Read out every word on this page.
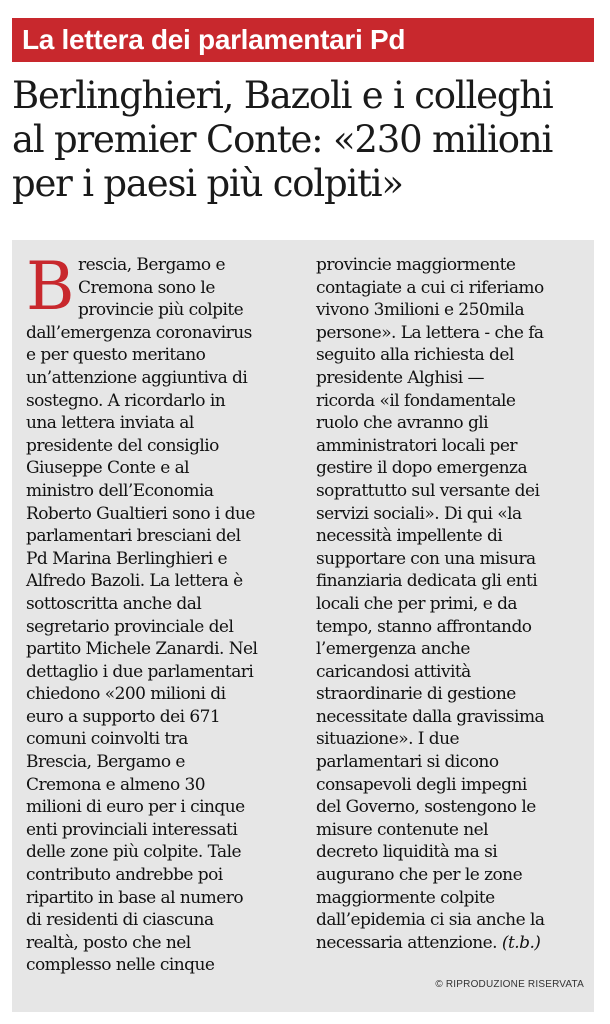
La lettera dei parlamentari Pd
Berlinghieri, Bazoli e i colleghi
al premier Conte: «230 milioni
per i paesi più colpiti»
B rescia, Bergamo e
Cremona sono le
provincie più colpite
dall’emergenza coronavirus
e per questo meritano
un’attenzione aggiuntiva di
sostegno. A ricordarlo in
una lettera inviata al
presidente del consiglio
Giuseppe Conte e al
ministro dell’Economia
Roberto Gualtieri sono i due
parlamentari bresciani del
Pd Marina Berlinghieri e
Alfredo Bazoli. La lettera è
sottoscritta anche dal
segretario provinciale del
partito Michele Zanardi. Nel
dettaglio i due parlamentari
chiedono «200 milioni di
euro a supporto dei 671
comuni coinvolti tra
Brescia, Bergamo e
Cremona e almeno 30
milioni di euro per i cinque
enti provinciali interessati
delle zone più colpite. Tale
contributo andrebbe poi
ripartito in base al numero
di residenti di ciascuna
realtà, posto che nel
complesso nelle cinque
provincie maggiormente
contagiate a cui ci riferiamo
vivono 3milioni e 250mila
persone». La lettera - che fa
seguito alla richiesta del
presidente Alghisi —
ricorda «il fondamentale
ruolo che avranno gli
amministratori locali per
gestire il dopo emergenza
soprattutto sul versante dei
servizi sociali». Di qui «la
necessità impellente di
supportare con una misura
finanziaria dedicata gli enti
locali che per primi, e da
tempo, stanno affrontando
l’emergenza anche
caricandosi attività
straordinarie di gestione
necessitate dalla gravissima
situazione». I due
parlamentari si dicono
consapevoli degli impegni
del Governo, sostengono le
misure contenute nel
decreto liquidità ma si
augurano che per le zone
maggiormente colpite
dall’epidemia ci sia anche la
necessaria attenzione. (t.b.)
© RIPRODUZIONE RISERVATA
